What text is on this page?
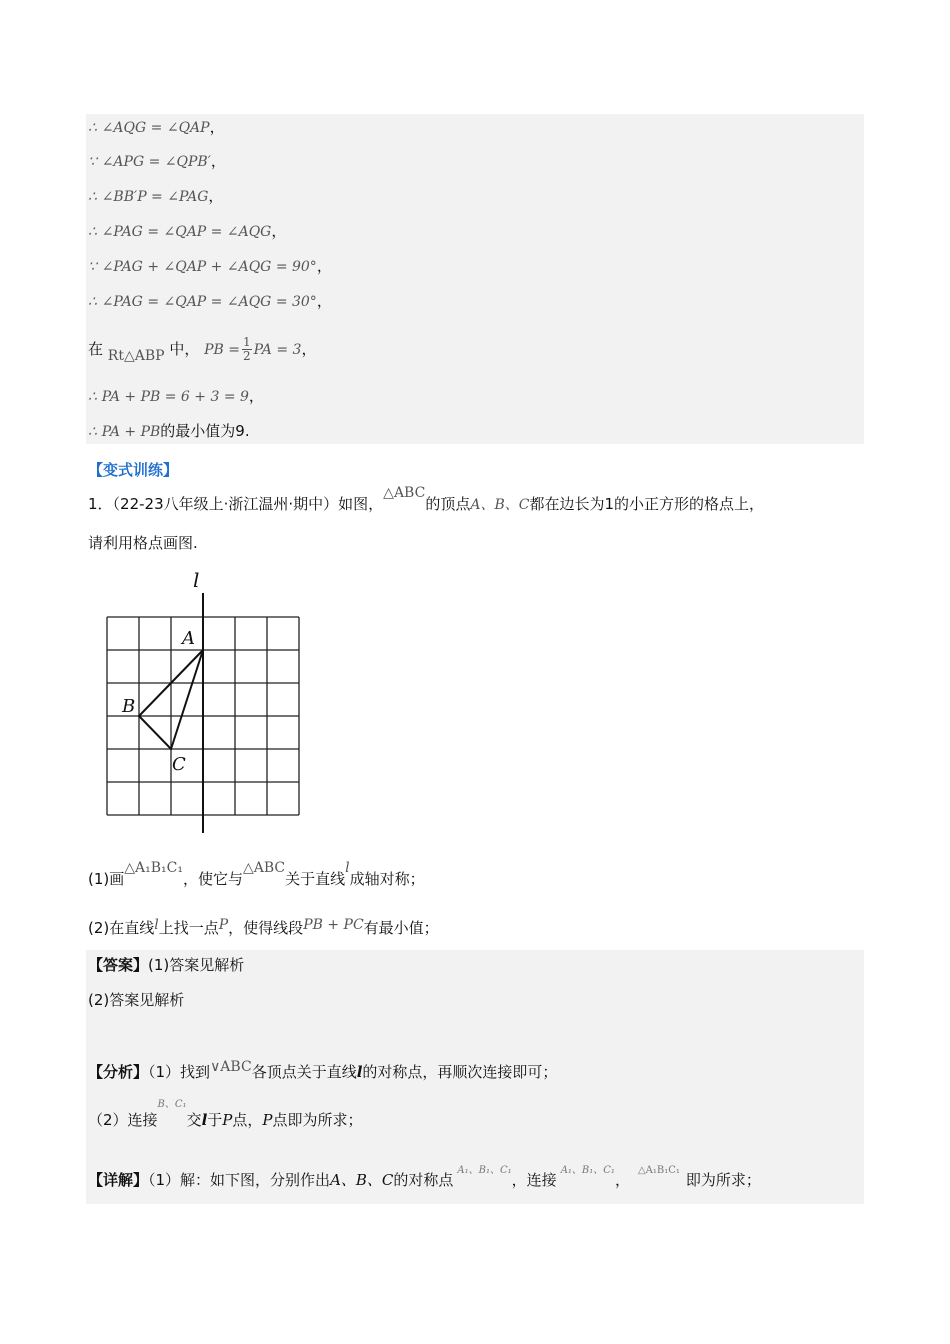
∴ ∠AQG = ∠QAP，
∵ ∠APG = ∠QPB′，
∴ ∠BB′P = ∠PAG，
∴ ∠PAG = ∠QAP = ∠AQG，
∵ ∠PAG + ∠QAP + ∠AQG = 90°，
∴ ∠PAG = ∠QAP = ∠AQG = 30°，
在 Rt△ABP 中， PB = $\frac{1}{2}$ PA = 3，
∴ PA + PB = 6 + 3 = 9，
∴ PA + PB的最小值为9.
【变式训练】
1．（22-23八年级上·浙江温州·期中）如图，△ABC的顶点A、B、C都在边长为1的小正方形的格点上，
请利用格点画图.
l
A
B
C
(1)画△A₁B₁C₁，使它与△ABC关于直线l成轴对称；
(2)在直线l上找一点P，使得线段PB + PC有最小值；
【答案】(1)答案见解析
(2)答案见解析
【分析】（1）找到∨ABC各顶点关于直线l的对称点，再顺次连接即可；
（2）连接$^{B、C_1}$交l于P点，P点即为所求；
【详解】（1）解：如下图，分别作出A、B、C的对称点$^{A_1、B_1、C_1}$，连接$^{A_1、B_1、C_1}$，$^{\triangle A_1B_1C_1}$即为所求；
